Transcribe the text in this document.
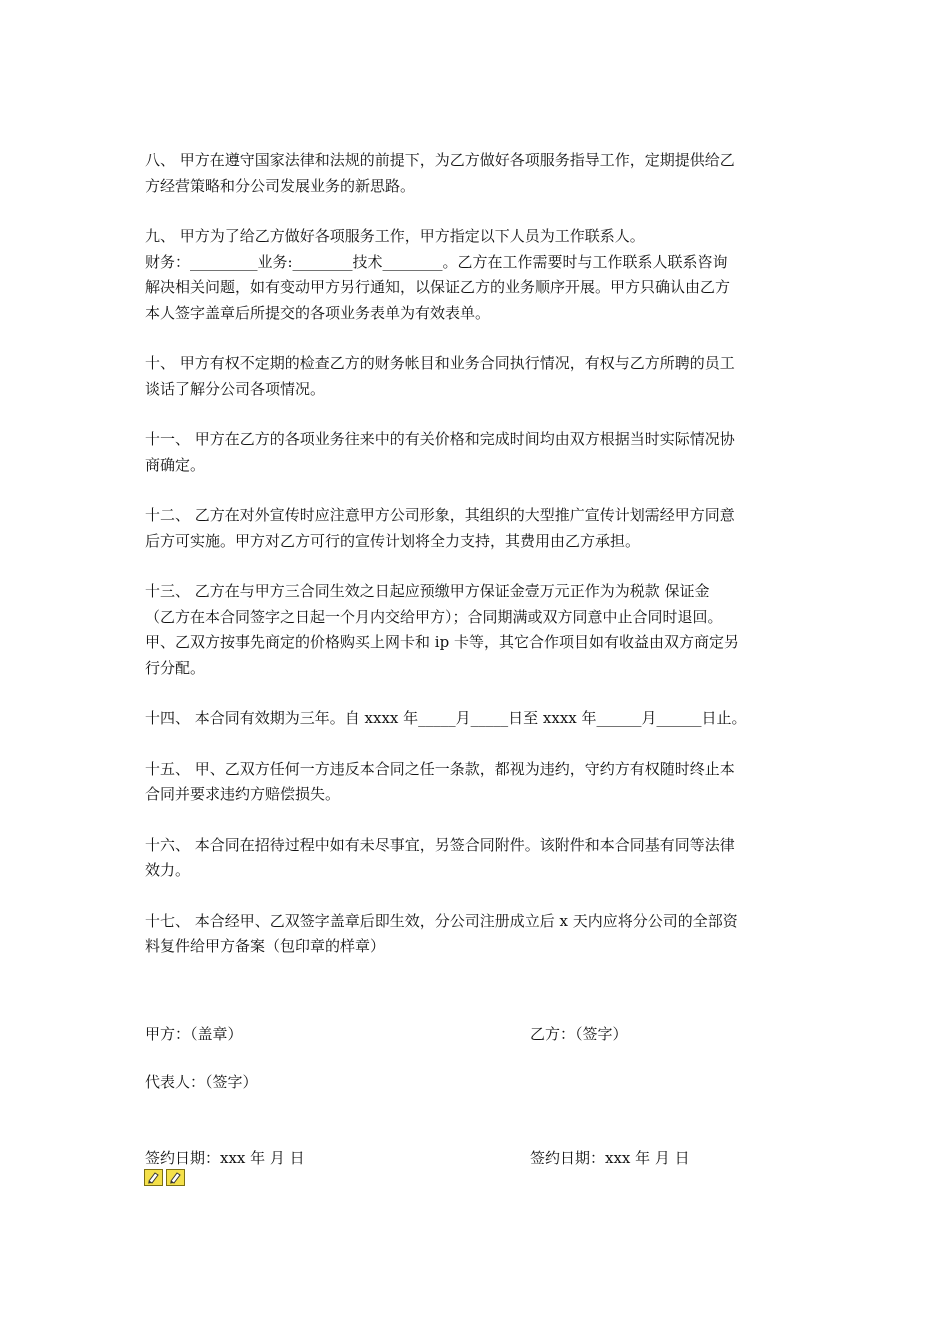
八、 甲方在遵守国家法律和法规的前提下，为乙方做好各项服务指导工作，定期提供给乙
方经营策略和分公司发展业务的新思路。
九、 甲方为了给乙方做好各项服务工作，甲方指定以下人员为工作联系人。
财务：_________业务:________技术________。乙方在工作需要时与工作联系人联系咨询
解决相关问题，如有变动甲方另行通知，以保证乙方的业务顺序开展。甲方只确认由乙方
本人签字盖章后所提交的各项业务表单为有效表单。
十、 甲方有权不定期的检查乙方的财务帐目和业务合同执行情况，有权与乙方所聘的员工
谈话了解分公司各项情况。
十一、 甲方在乙方的各项业务往来中的有关价格和完成时间均由双方根据当时实际情况协
商确定。
十二、 乙方在对外宣传时应注意甲方公司形象，其组织的大型推广宣传计划需经甲方同意
后方可实施。甲方对乙方可行的宣传计划将全力支持，其费用由乙方承担。
十三、 乙方在与甲方三合同生效之日起应预缴甲方保证金壹万元正作为为税款 保证金
（乙方在本合同签字之日起一个月内交给甲方）；合同期满或双方同意中止合同时退回。
甲、乙双方按事先商定的价格购买上网卡和 ip 卡等，其它合作项目如有收益由双方商定另
行分配。
十四、 本合同有效期为三年。自 xxxx 年_____月_____日至 xxxx 年______月______日止。
十五、 甲、乙双方任何一方违反本合同之任一条款，都视为违约，守约方有权随时终止本
合同并要求违约方赔偿损失。
十六、 本合同在招待过程中如有未尽事宜，另签合同附件。该附件和本合同基有同等法律
效力。
十七、 本合经甲、乙双签字盖章后即生效，分公司注册成立后 x 天内应将分公司的全部资
料复件给甲方备案（包印章的样章）
甲方：（盖章）	乙方：（签字）
代表人：（签字）
签约日期：xxx 年 月 日	签约日期：xxx 年 月 日
